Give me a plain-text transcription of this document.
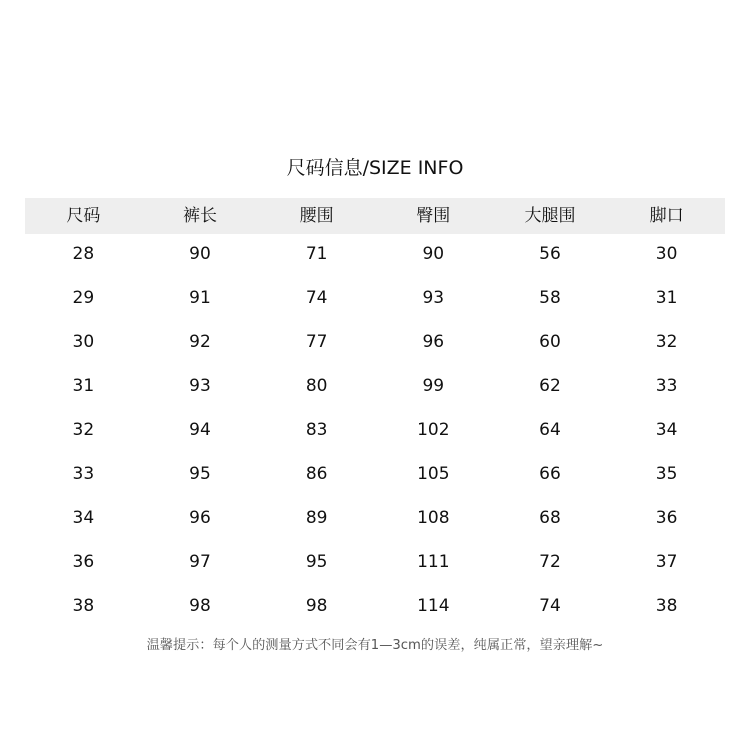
尺码信息/SIZE INFO
尺码	裤长	腰围	臀围	大腿围	脚口
28	90	71	90	56	30
29	91	74	93	58	31
30	92	77	96	60	32
31	93	80	99	62	33
32	94	83	102	64	34
33	95	86	105	66	35
34	96	89	108	68	36
36	97	95	111	72	37
38	98	98	114	74	38
温馨提示：每个人的测量方式不同会有1—3cm的误差，纯属正常，望亲理解~
